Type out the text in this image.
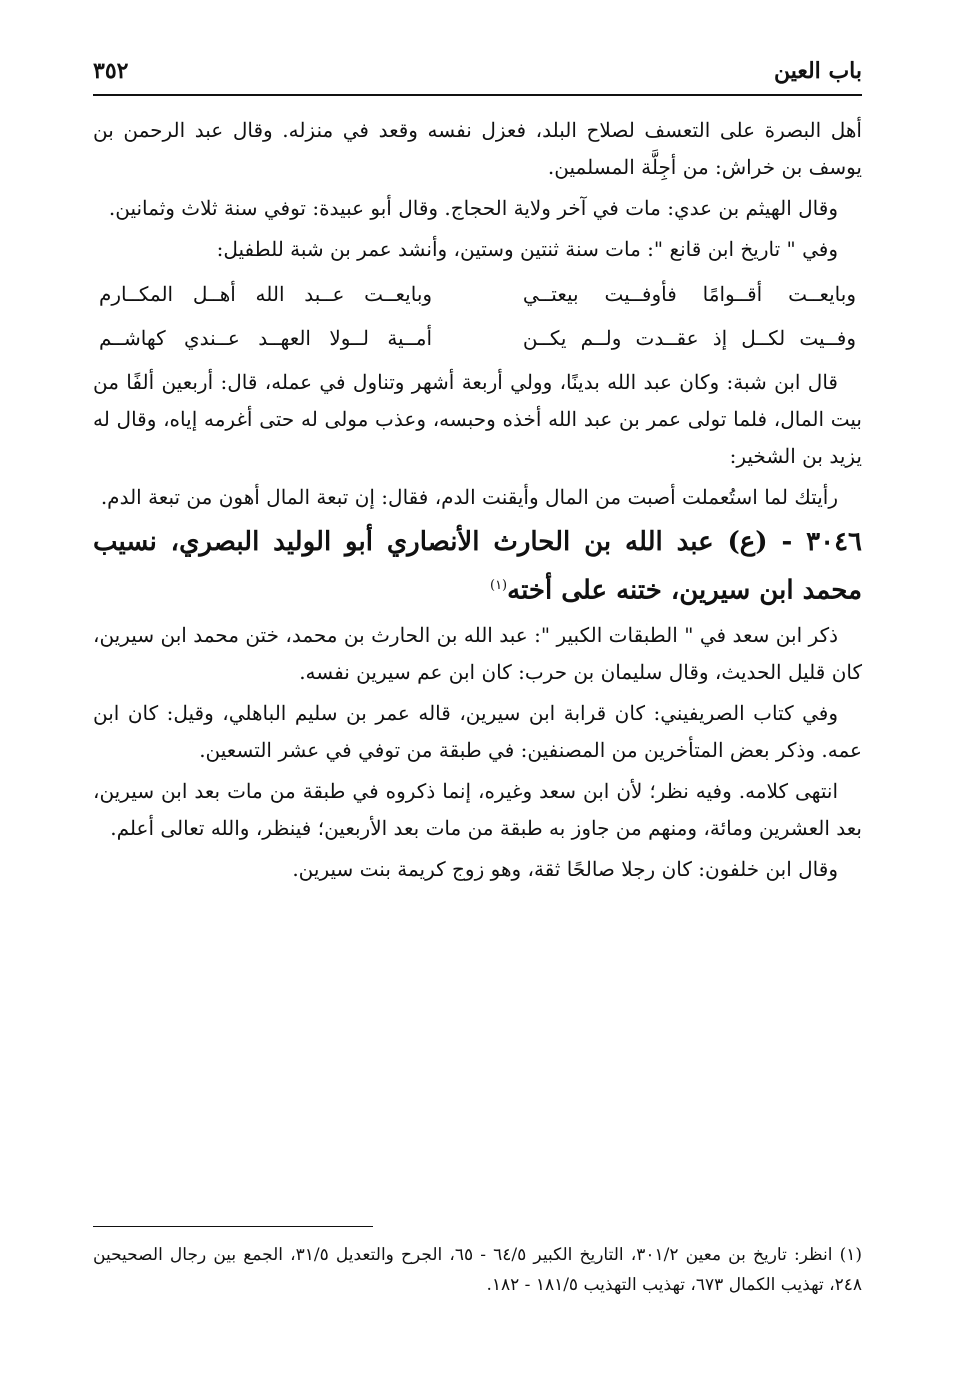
باب العين
٣٥٢

أهل البصرة على التعسف لصلاح البلد، فعزل نفسه وقعد في منزله. وقال عبد الرحمن بن يوسف بن خراش: من أجِلَّة المسلمين.

وقال الهيثم بن عدي: مات في آخر ولاية الحجاج. وقال أبو عبيدة: توفي سنة ثلاث وثمانين.

وفي " تاريخ ابن قانع ": مات سنة ثنتين وستين، وأنشد عمر بن شبة للطفيل:

وبايعــت أقــوامًا فأوفــيت بيعتــي
وبايعــت عــبد الله أهــل المكــارم
وفــيت لكــل إذ عقــدت ولــم يكــن
أمــية لــولا العهــد عــندي كهاشــم

قال ابن شبة: وكان عبد الله بدينًا، وولي أربعة أشهر وتناول في عمله، قال: أربعين ألفًا من بيت المال، فلما تولى عمر بن عبد الله أخذه وحبسه، وعذب مولى له حتى أغرمه إياه، وقال له يزيد بن الشخير:

رأيتك لما استُعملت أصبت من المال وأيقنت الدم، فقال: إن تبعة المال أهون من تبعة الدم.

٣٠٤٦ - (ع) عبد الله بن الحارث الأنصاري أبو الوليد البصري، نسيب محمد ابن سيرين، ختنه على أخته$^{(١)}$

ذكر ابن سعد في " الطبقات الكبير ": عبد الله بن الحارث بن محمد، ختن محمد ابن سيرين، كان قليل الحديث، وقال سليمان بن حرب: كان ابن عم سيرين نفسه.

وفي كتاب الصريفيني: كان قرابة ابن سيرين، قاله عمر بن سليم الباهلي، وقيل: كان ابن عمه. وذكر بعض المتأخرين من المصنفين: في طبقة من توفي في عشر التسعين.

انتهى كلامه. وفيه نظر؛ لأن ابن سعد وغيره، إنما ذكروه في طبقة من مات بعد ابن سيرين، بعد العشرين ومائة، ومنهم من جاوز به طبقة من مات بعد الأربعين؛ فينظر، والله تعالى أعلم.

وقال ابن خلفون: كان رجلا صالحًا ثقة، وهو زوج كريمة بنت سيرين.

(١) انظر: تاريخ بن معين ٣٠١/٢، التاريخ الكبير ٦٤/٥ - ٦٥، الجرح والتعديل ٣١/٥، الجمع بين رجال الصحيحين ٢٤٨، تهذيب الكمال ٦٧٣، تهذيب التهذيب ١٨١/٥ - ١٨٢.
